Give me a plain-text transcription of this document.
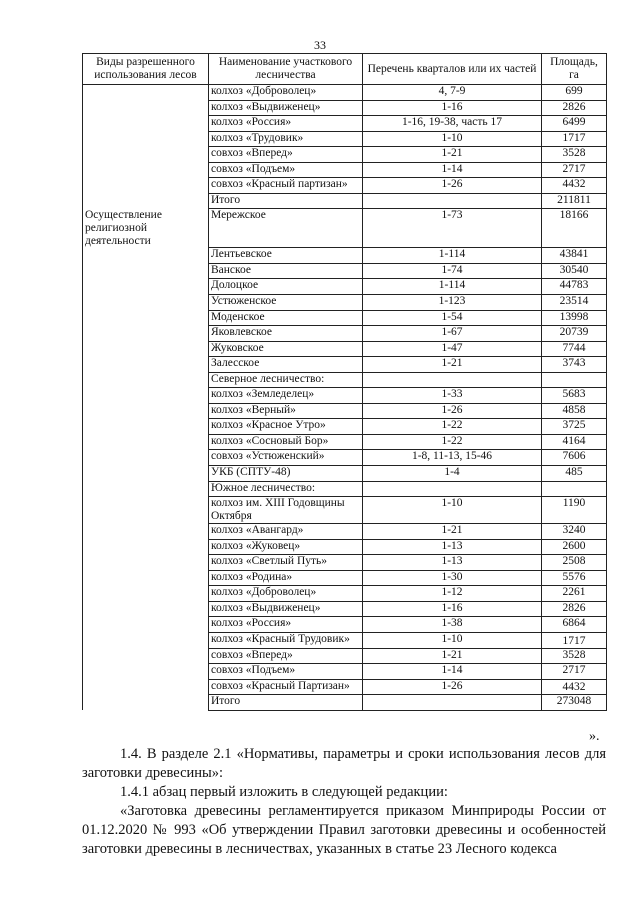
33
Виды разрешенного использования лесов	Наименование участкового лесничества	Перечень кварталов или их частей	Площадь, га
	колхоз «Доброволец»	4, 7-9	699
	колхоз «Выдвиженец»	1-16	2826
	колхоз «Россия»	1-16, 19-38, часть 17	6499
	колхоз «Трудовик»	1-10	1717
	совхоз «Вперед»	1-21	3528
	совхоз «Подъем»	1-14	2717
	совхоз «Красный партизан»	1-26	4432
	Итого		211811
Осуществление религиозной деятельности	Мережское	1-73	18166
	Лентьевское	1-114	43841
	Ванское	1-74	30540
	Долоцкое	1-114	44783
	Устюженское	1-123	23514
	Моденское	1-54	13998
	Яковлевское	1-67	20739
	Жуковское	1-47	7744
	Залесское	1-21	3743
	Северное лесничество:		
	колхоз «Земледелец»	1-33	5683
	колхоз «Верный»	1-26	4858
	колхоз «Красное Утро»	1-22	3725
	колхоз «Сосновый Бор»	1-22	4164
	совхоз «Устюженский»	1-8, 11-13, 15-46	7606
	УКБ (СПТУ-48)	1-4	485
	Южное лесничество:		
	колхоз им. XIII Годовщины Октября	1-10	1190
	колхоз «Авангард»	1-21	3240
	колхоз «Жуковец»	1-13	2600
	колхоз «Светлый Путь»	1-13	2508
	колхоз «Родина»	1-30	5576
	колхоз «Доброволец»	1-12	2261
	колхоз «Выдвиженец»	1-16	2826
	колхоз «Россия»	1-38	6864
	колхоз «Красный Трудовик»	1-10	1717
	совхоз «Вперед»	1-21	3528
	совхоз «Подъем»	1-14	2717
	совхоз «Красный Партизан»	1-26	4432
	Итого		273048
».
1.4. В разделе 2.1 «Нормативы, параметры и сроки использования лесов для заготовки древесины»:
1.4.1 абзац первый изложить в следующей редакции:
«Заготовка древесины регламентируется приказом Минприроды России от 01.12.2020 № 993 «Об утверждении Правил заготовки древесины и особенностей заготовки древесины в лесничествах, указанных в статье 23 Лесного кодекса
